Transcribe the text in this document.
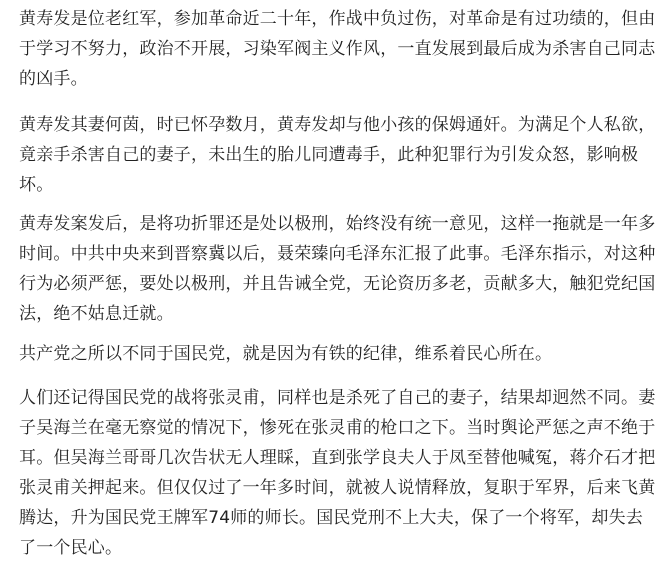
黄寿发是位老红军，参加革命近二十年，作战中负过伤，对革命是有过功绩的，但由
于学习不努力，政治不开展，习染军阀主义作风，一直发展到最后成为杀害自己同志
的凶手。

黄寿发其妻何茵，时已怀孕数月，黄寿发却与他小孩的保姆通奸。为满足个人私欲，
竟亲手杀害自己的妻子，未出生的胎儿同遭毒手，此种犯罪行为引发众怒，影响极
坏。

黄寿发案发后，是将功折罪还是处以极刑，始终没有统一意见，这样一拖就是一年多
时间。中共中央来到晋察冀以后，聂荣臻向毛泽东汇报了此事。毛泽东指示，对这种
行为必须严惩，要处以极刑，并且告诫全党，无论资历多老，贡献多大，触犯党纪国
法，绝不姑息迁就。

共产党之所以不同于国民党，就是因为有铁的纪律，维系着民心所在。

人们还记得国民党的战将张灵甫，同样也是杀死了自己的妻子，结果却迥然不同。妻
子吴海兰在毫无察觉的情况下，惨死在张灵甫的枪口之下。当时舆论严惩之声不绝于
耳。但吴海兰哥哥几次告状无人理睬，直到张学良夫人于凤至替他喊冤，蒋介石才把
张灵甫关押起来。但仅仅过了一年多时间，就被人说情释放，复职于军界，后来飞黄
腾达，升为国民党王牌军74师的师长。国民党刑不上大夫，保了一个将军，却失去
了一个民心。
